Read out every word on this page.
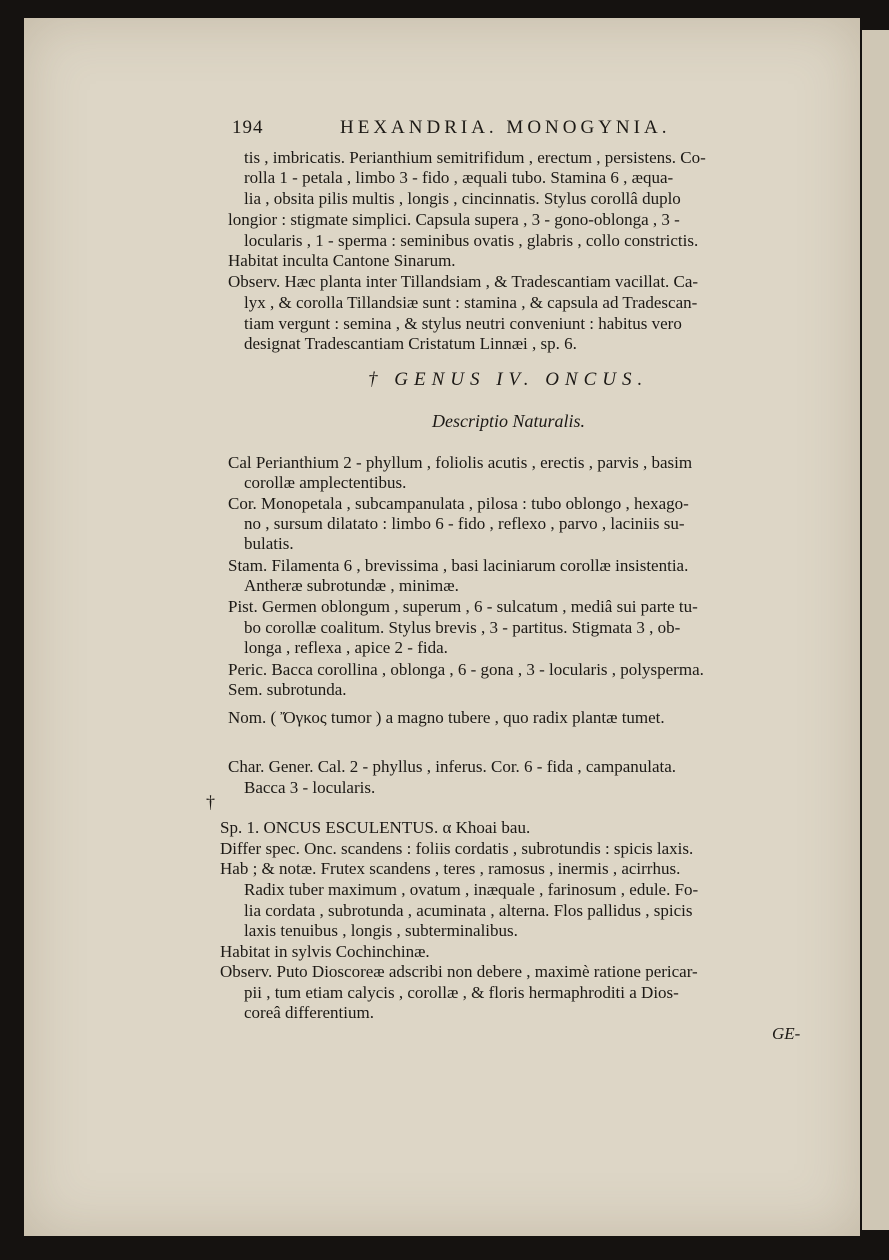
194	HEXANDRIA. MONOGYNIA.
tis , imbricatis. Perianthium semitrifidum , erectum , persistens. Co-
rolla 1 - petala , limbo 3 - fido , æquali tubo. Stamina 6 , æqua-
lia , obsita pilis multis , longis , cincinnatis. Stylus corollâ duplo
longior : stigmate simplici. Capsula supera , 3 - gono-oblonga , 3 -
locularis , 1 - sperma : seminibus ovatis , glabris , collo constrictis.
Habitat inculta Cantone Sinarum.
Observ. Hæc planta inter Tillandsiam , & Tradescantiam vacillat. Ca-
lyx , & corolla Tillandsiæ sunt : stamina , & capsula ad Tradescan-
tiam vergunt : semina , & stylus neutri conveniunt : habitus vero
designat Tradescantiam Cristatum Linnæi , sp. 6.
† GENUS IV. ONCUS.
Descriptio Naturalis.
Cal Perianthium 2 - phyllum , foliolis acutis , erectis , parvis , basim
corollæ amplectentibus.
Cor. Monopetala , subcampanulata , pilosa : tubo oblongo , hexago-
no , sursum dilatato : limbo 6 - fido , reflexo , parvo , laciniis su-
bulatis.
Stam. Filamenta 6 , brevissima , basi laciniarum corollæ insistentia.
Antheræ subrotundæ , minimæ.
Pist. Germen oblongum , superum , 6 - sulcatum , mediâ sui parte tu-
bo corollæ coalitum. Stylus brevis , 3 - partitus. Stigmata 3 , ob-
longa , reflexa , apice 2 - fida.
Peric. Bacca corollina , oblonga , 6 - gona , 3 - locularis , polysperma.
Sem. subrotunda.
Nom. ( Ὄγκος tumor ) a magno tubere , quo radix plantæ tumet.
Char. Gener. Cal. 2 - phyllus , inferus. Cor. 6 - fida , campanulata.
Bacca 3 - locularis.
†
Sp. 1. ONCUS ESCULENTUS. α Khoai bau.
Differ spec. Onc. scandens : foliis cordatis , subrotundis : spicis laxis.
Hab ; & notæ. Frutex scandens , teres , ramosus , inermis , acirrhus.
Radix tuber maximum , ovatum , inæquale , farinosum , edule. Fo-
lia cordata , subrotunda , acuminata , alterna. Flos pallidus , spicis
laxis tenuibus , longis , subterminalibus.
Habitat in sylvis Cochinchinæ.
Observ. Puto Dioscoreæ adscribi non debere , maximè ratione pericar-
pii , tum etiam calycis , corollæ , & floris hermaphroditi a Dios-
coreâ differentium.
GE-
